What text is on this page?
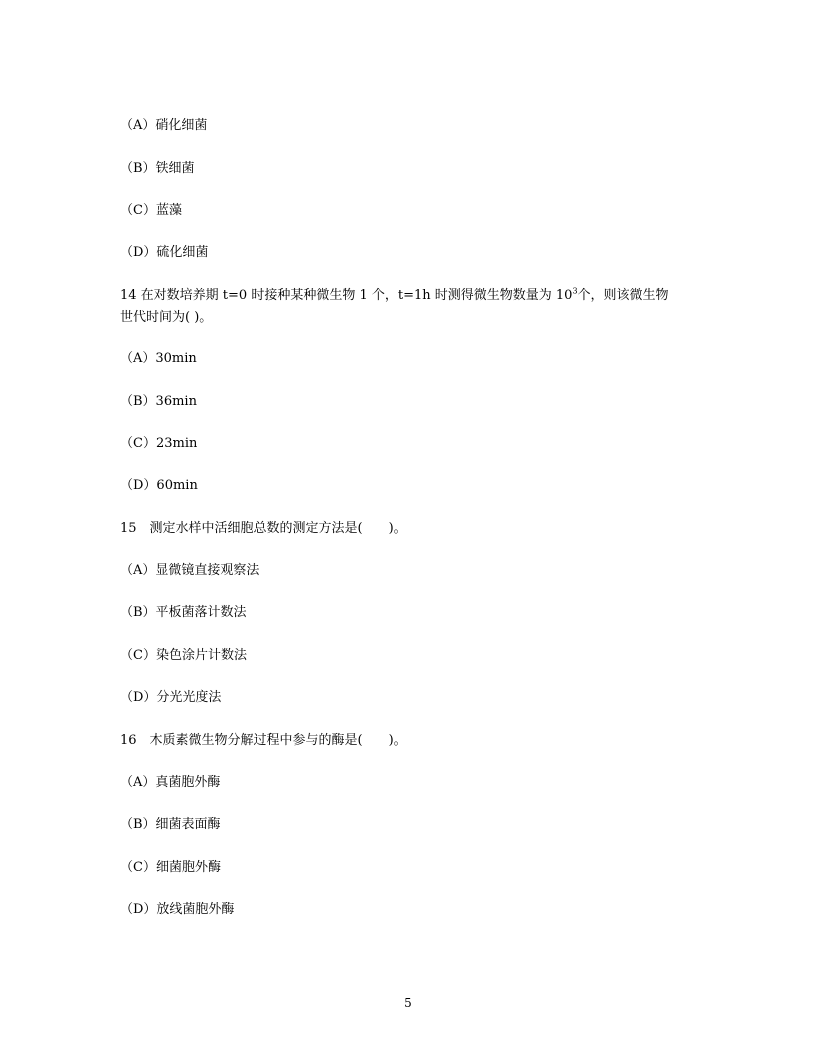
（A）硝化细菌
（B）铁细菌
（C）蓝藻
（D）硫化细菌
14 在对数培养期 t=0 时接种某种微生物 1 个，t=1h 时测得微生物数量为 $10^3$个，则该微生物
世代时间为( )。
（A）30min
（B）36min
（C）23min
（D）60min
15　测定水样中活细胞总数的测定方法是(　　)。
（A）显微镜直接观察法
（B）平板菌落计数法
（C）染色涂片计数法
（D）分光光度法
16　木质素微生物分解过程中参与的酶是(　　)。
（A）真菌胞外酶
（B）细菌表面酶
（C）细菌胞外酶
（D）放线菌胞外酶
5
